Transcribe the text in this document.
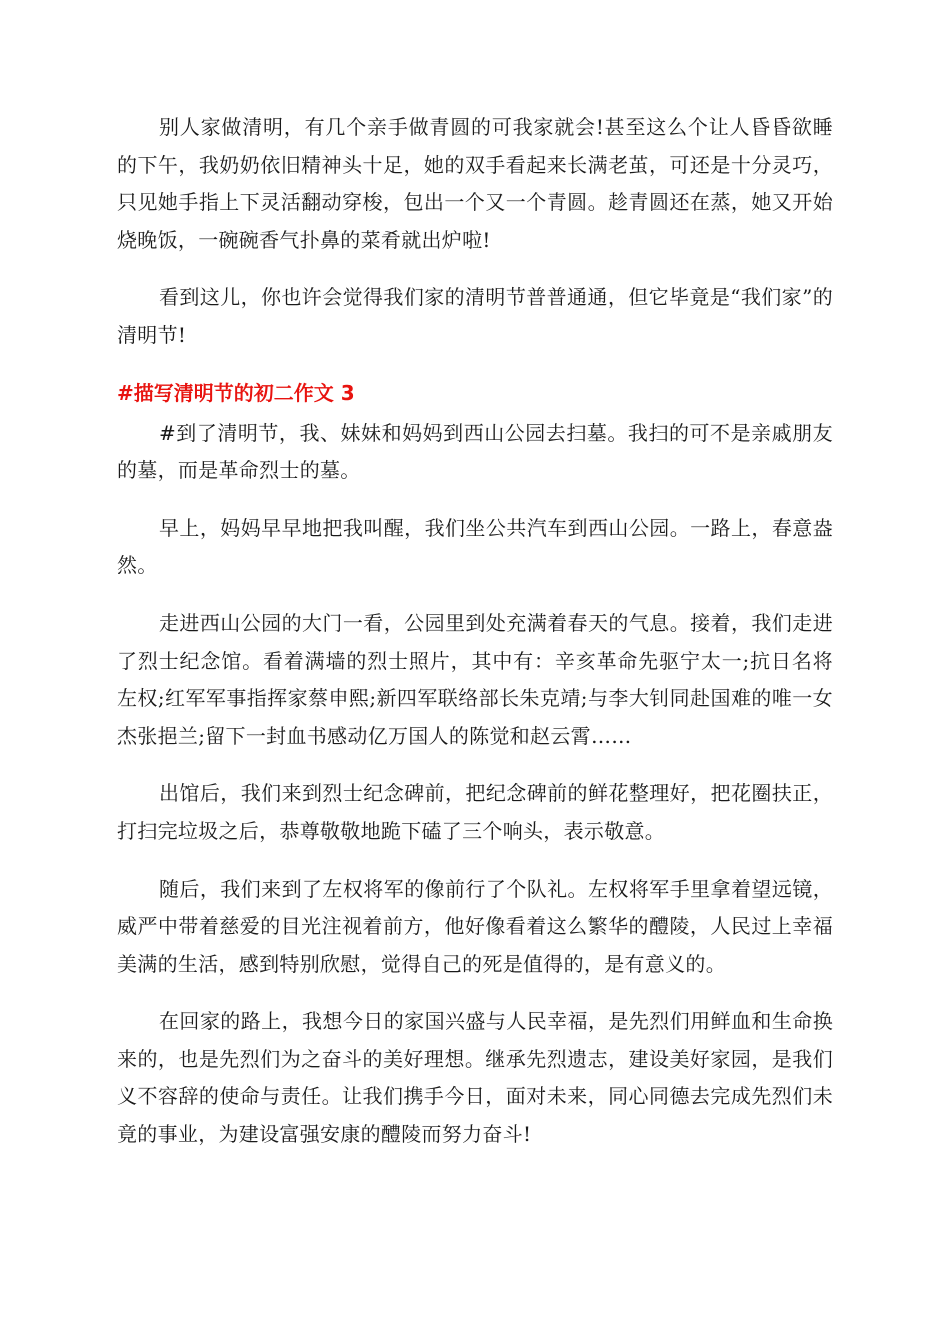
别人家做清明，有几个亲手做青圆的可我家就会!甚至这么个让人昏昏欲睡的下午，我奶奶依旧精神头十足，她的双手看起来长满老茧，可还是十分灵巧，只见她手指上下灵活翻动穿梭，包出一个又一个青圆。趁青圆还在蒸，她又开始烧晚饭，一碗碗香气扑鼻的菜肴就出炉啦!

看到这儿，你也许会觉得我们家的清明节普普通通，但它毕竟是“我们家”的清明节!

#描写清明节的初二作文 3

#到了清明节，我、妹妹和妈妈到西山公园去扫墓。我扫的可不是亲戚朋友的墓，而是革命烈士的墓。

早上，妈妈早早地把我叫醒，我们坐公共汽车到西山公园。一路上，春意盎然。

走进西山公园的大门一看，公园里到处充满着春天的气息。接着，我们走进了烈士纪念馆。看着满墙的烈士照片，其中有：辛亥革命先驱宁太一;抗日名将左权;红军军事指挥家蔡申熙;新四军联络部长朱克靖;与李大钊同赴国难的唯一女杰张挹兰;留下一封血书感动亿万国人的陈觉和赵云霄……

出馆后，我们来到烈士纪念碑前，把纪念碑前的鲜花整理好，把花圈扶正，打扫完垃圾之后，恭尊敬敬地跪下磕了三个响头，表示敬意。

随后，我们来到了左权将军的像前行了个队礼。左权将军手里拿着望远镜，威严中带着慈爱的目光注视着前方，他好像看着这么繁华的醴陵，人民过上幸福美满的生活，感到特别欣慰，觉得自己的死是值得的，是有意义的。

在回家的路上，我想今日的家国兴盛与人民幸福，是先烈们用鲜血和生命换来的，也是先烈们为之奋斗的美好理想。继承先烈遗志，建设美好家园，是我们义不容辞的使命与责任。让我们携手今日，面对未来，同心同德去完成先烈们未竟的事业，为建设富强安康的醴陵而努力奋斗!
